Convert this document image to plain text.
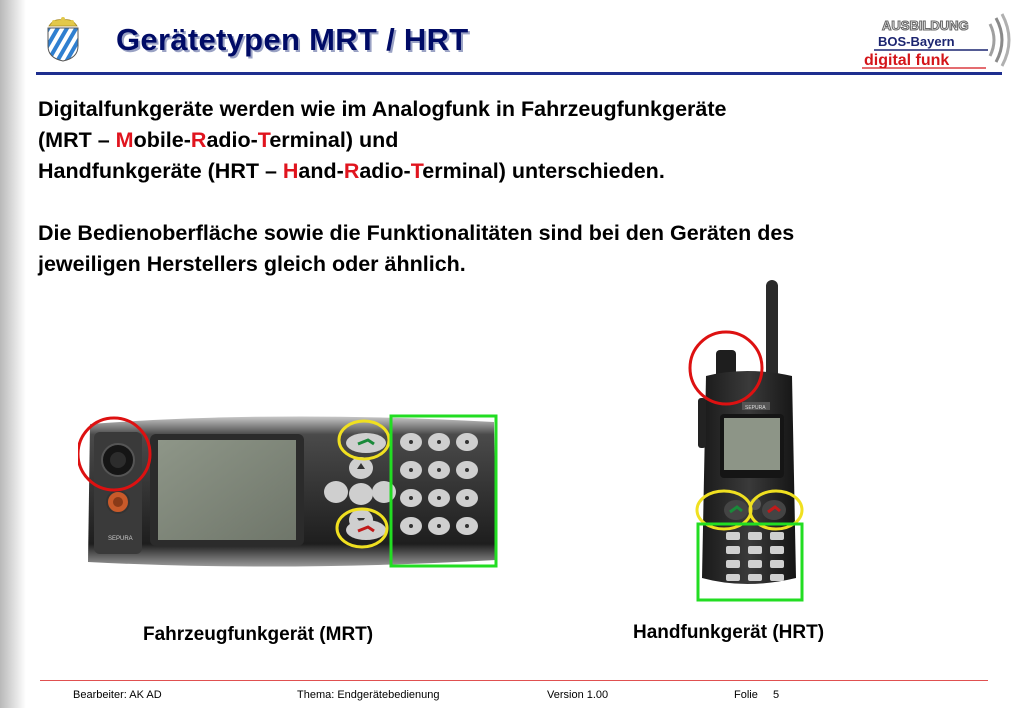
Gerätetypen MRT / HRT	AUSBILDUNG
BOS-Bayern
digital funk

Digitalfunkgeräte werden wie im Analogfunk in Fahrzeugfunkgeräte

(MRT – Mobile-Radio-Terminal) und

Handfunkgeräte (HRT – Hand-Radio-Terminal) unterschieden.

Die Bedienoberfläche sowie die Funktionalitäten sind bei den Geräten des

jeweiligen Herstellers gleich oder ähnlich.

SEPURA
SEPURA
Fahrzeugfunkgerät (MRT)	Handfunkgerät (HRT)
Bearbeiter: AK AD	Thema: Endgerätebedienung	Version 1.00	Folie 5
